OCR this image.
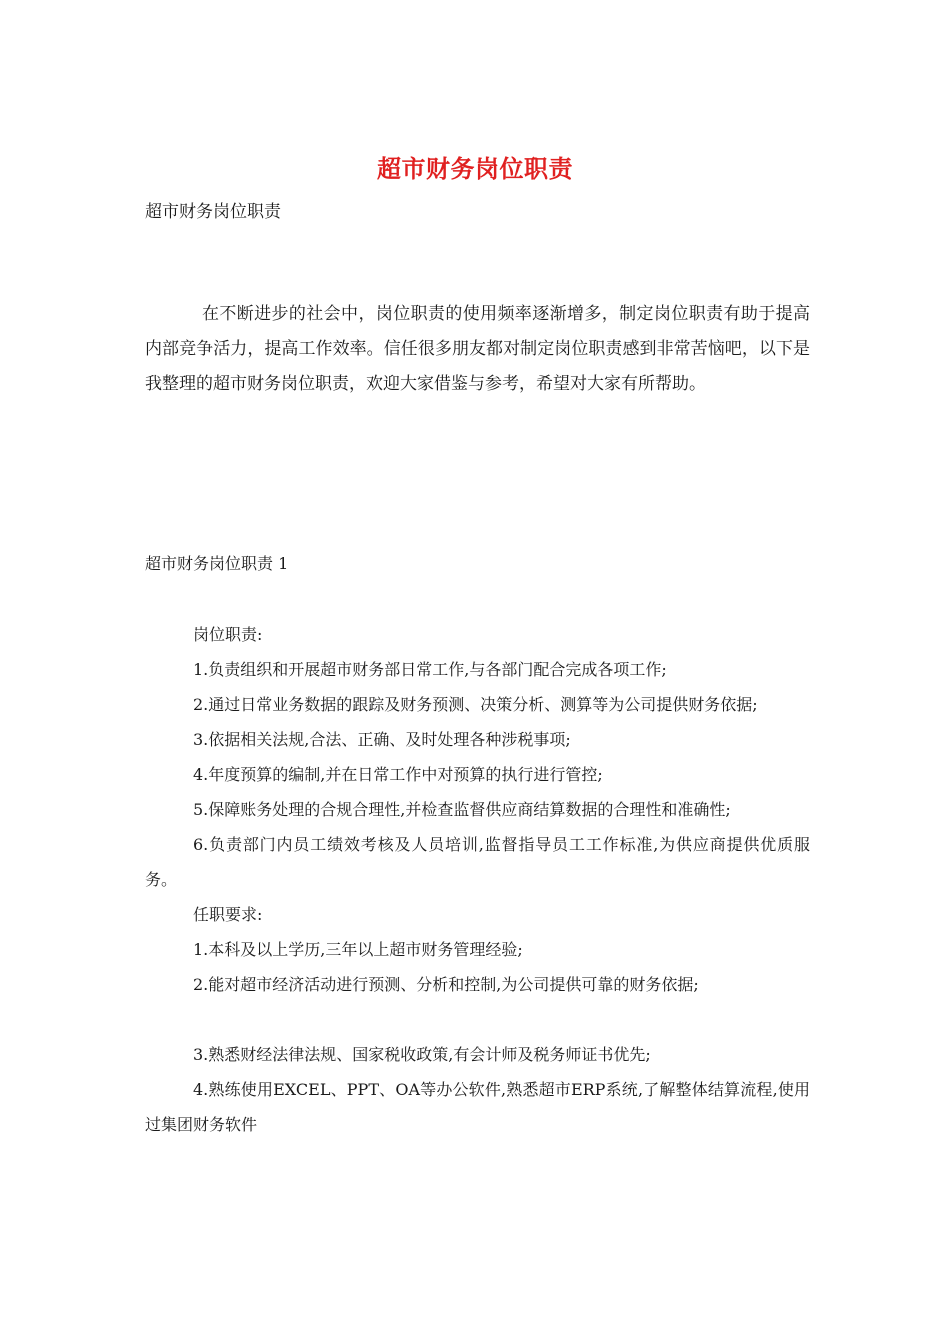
超市财务岗位职责
超市财务岗位职责

在不断进步的社会中，岗位职责的使用频率逐渐增多，制定岗位职责有助于提高内部竞争活力，提高工作效率。信任很多朋友都对制定岗位职责感到非常苦恼吧，以下是我整理的超市财务岗位职责，欢迎大家借鉴与参考，希望对大家有所帮助。

超市财务岗位职责 1

岗位职责:

1.负责组织和开展超市财务部日常工作,与各部门配合完成各项工作;

2.通过日常业务数据的跟踪及财务预测、决策分析、测算等为公司提供财务依据;

3.依据相关法规,合法、正确、及时处理各种涉税事项;

4.年度预算的编制,并在日常工作中对预算的执行进行管控;

5.保障账务处理的合规合理性,并检查监督供应商结算数据的合理性和准确性;

6.负责部门内员工绩效考核及人员培训,监督指导员工工作标准,为供应商提供优质服务。

任职要求:

1.本科及以上学历,三年以上超市财务管理经验;

2.能对超市经济活动进行预测、分析和控制,为公司提供可靠的财务依据;

3.熟悉财经法律法规、国家税收政策,有会计师及税务师证书优先;

4.熟练使用EXCEL、PPT、OA等办公软件,熟悉超市ERP系统,了解整体结算流程,使用过集团财务软件
